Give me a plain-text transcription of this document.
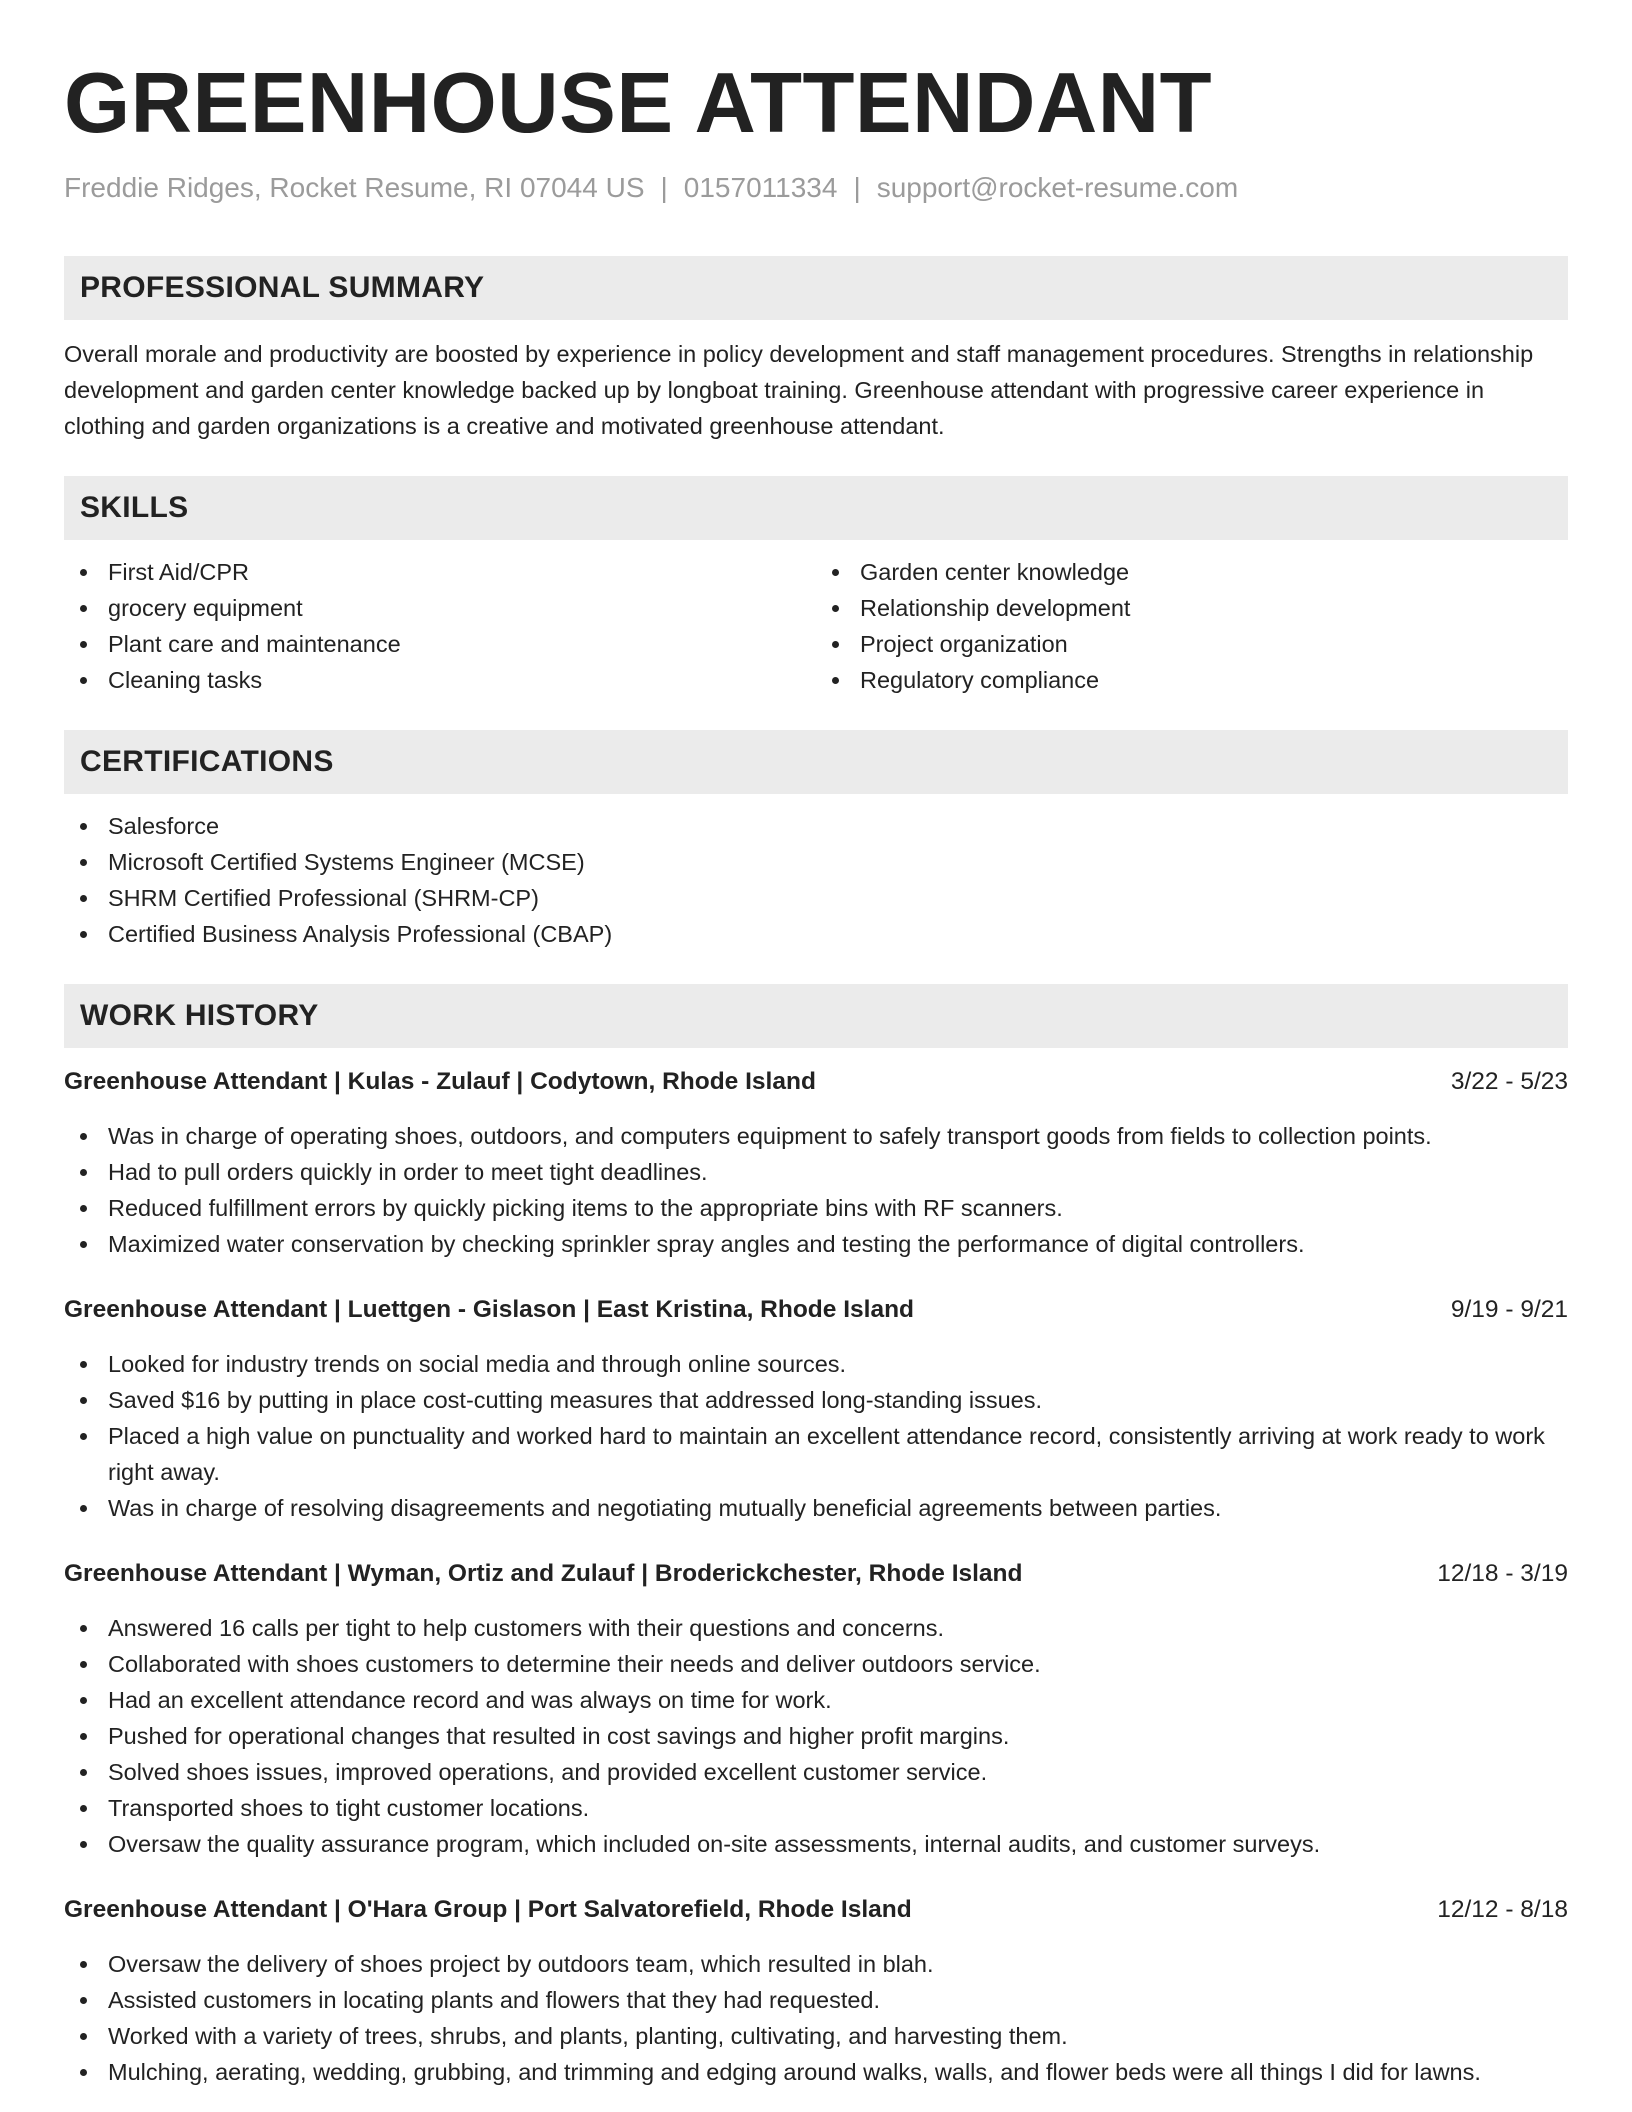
GREENHOUSE ATTENDANT
Freddie Ridges, Rocket Resume, RI 07044 US | 0157011334 | support@rocket-resume.com
PROFESSIONAL SUMMARY

Overall morale and productivity are boosted by experience in policy development and staff management procedures. Strengths in relationship development and garden center knowledge backed up by longboat training. Greenhouse attendant with progressive career experience in clothing and garden organizations is a creative and motivated greenhouse attendant.

SKILLS
First Aid/CPR
grocery equipment
Plant care and maintenance
Cleaning tasks
Garden center knowledge
Relationship development
Project organization
Regulatory compliance
CERTIFICATIONS
Salesforce
Microsoft Certified Systems Engineer (MCSE)
SHRM Certified Professional (SHRM-CP)
Certified Business Analysis Professional (CBAP)
WORK HISTORY
Greenhouse Attendant | Kulas - Zulauf | Codytown, Rhode Island	3/22 - 5/23
Was in charge of operating shoes, outdoors, and computers equipment to safely transport goods from fields to collection points.
Had to pull orders quickly in order to meet tight deadlines.
Reduced fulfillment errors by quickly picking items to the appropriate bins with RF scanners.
Maximized water conservation by checking sprinkler spray angles and testing the performance of digital controllers.
Greenhouse Attendant | Luettgen - Gislason | East Kristina, Rhode Island	9/19 - 9/21
Looked for industry trends on social media and through online sources.
Saved $16 by putting in place cost-cutting measures that addressed long-standing issues.
Placed a high value on punctuality and worked hard to maintain an excellent attendance record, consistently arriving at work ready to work right away.
Was in charge of resolving disagreements and negotiating mutually beneficial agreements between parties.
Greenhouse Attendant | Wyman, Ortiz and Zulauf | Broderickchester, Rhode Island	12/18 - 3/19
Answered 16 calls per tight to help customers with their questions and concerns.
Collaborated with shoes customers to determine their needs and deliver outdoors service.
Had an excellent attendance record and was always on time for work.
Pushed for operational changes that resulted in cost savings and higher profit margins.
Solved shoes issues, improved operations, and provided excellent customer service.
Transported shoes to tight customer locations.
Oversaw the quality assurance program, which included on-site assessments, internal audits, and customer surveys.
Greenhouse Attendant | O'Hara Group | Port Salvatorefield, Rhode Island	12/12 - 8/18
Oversaw the delivery of shoes project by outdoors team, which resulted in blah.
Assisted customers in locating plants and flowers that they had requested.
Worked with a variety of trees, shrubs, and plants, planting, cultivating, and harvesting them.
Mulching, aerating, wedding, grubbing, and trimming and edging around walks, walls, and flower beds were all things I did for lawns.
